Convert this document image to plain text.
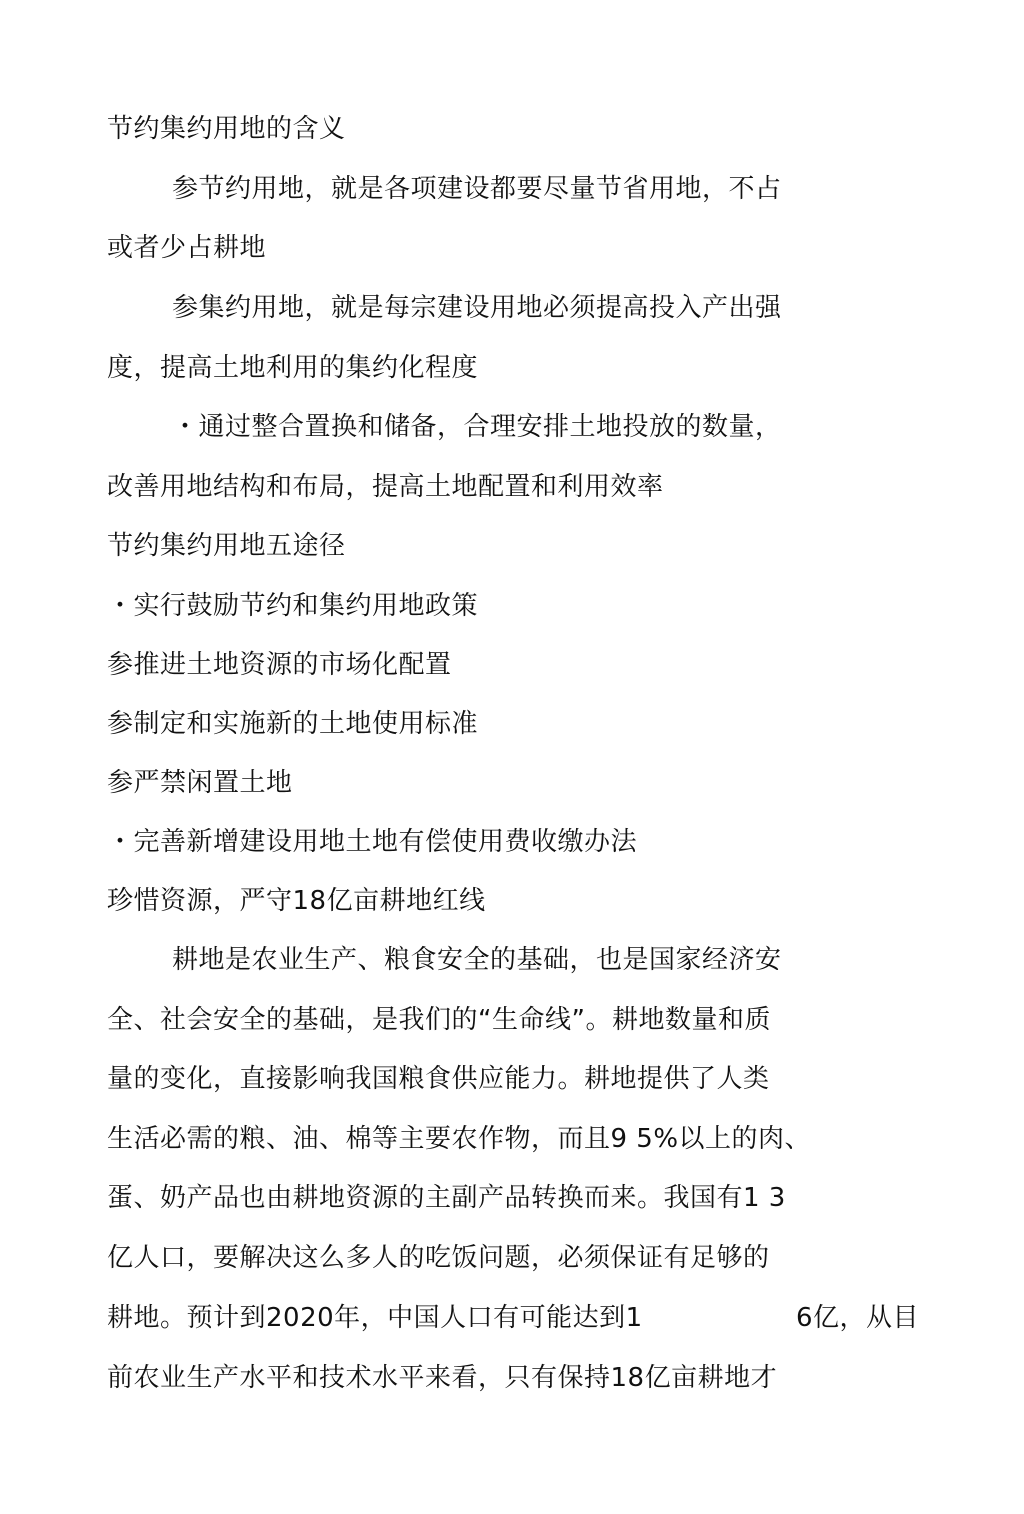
节约集约用地的含义
参节约用地，就是各项建设都要尽量节省用地，不占
或者少占耕地
参集约用地，就是每宗建设用地必须提高投入产出强
度，提高土地利用的集约化程度
・通过整合置换和储备，合理安排土地投放的数量，
改善用地结构和布局，提高土地配置和利用效率
节约集约用地五途径
・实行鼓励节约和集约用地政策
参推进土地资源的市场化配置
参制定和实施新的土地使用标准
参严禁闲置土地
・完善新增建设用地土地有偿使用费收缴办法
珍惜资源，严守18亿亩耕地红线
耕地是农业生产、粮食安全的基础，也是国家经济安
全、社会安全的基础，是我们的“生命线”。耕地数量和质
量的变化，直接影响我国粮食供应能力。耕地提供了人类
生活必需的粮、油、棉等主要农作物，而且9 5%以上的肉、
蛋、奶产品也由耕地资源的主副产品转换而来。我国有1 3
亿人口，要解决这么多人的吃饭问题，必须保证有足够的
耕地。预计到2020年，中国人口有可能达到1	6亿，从目
前农业生产水平和技术水平来看，只有保持18亿亩耕地才
